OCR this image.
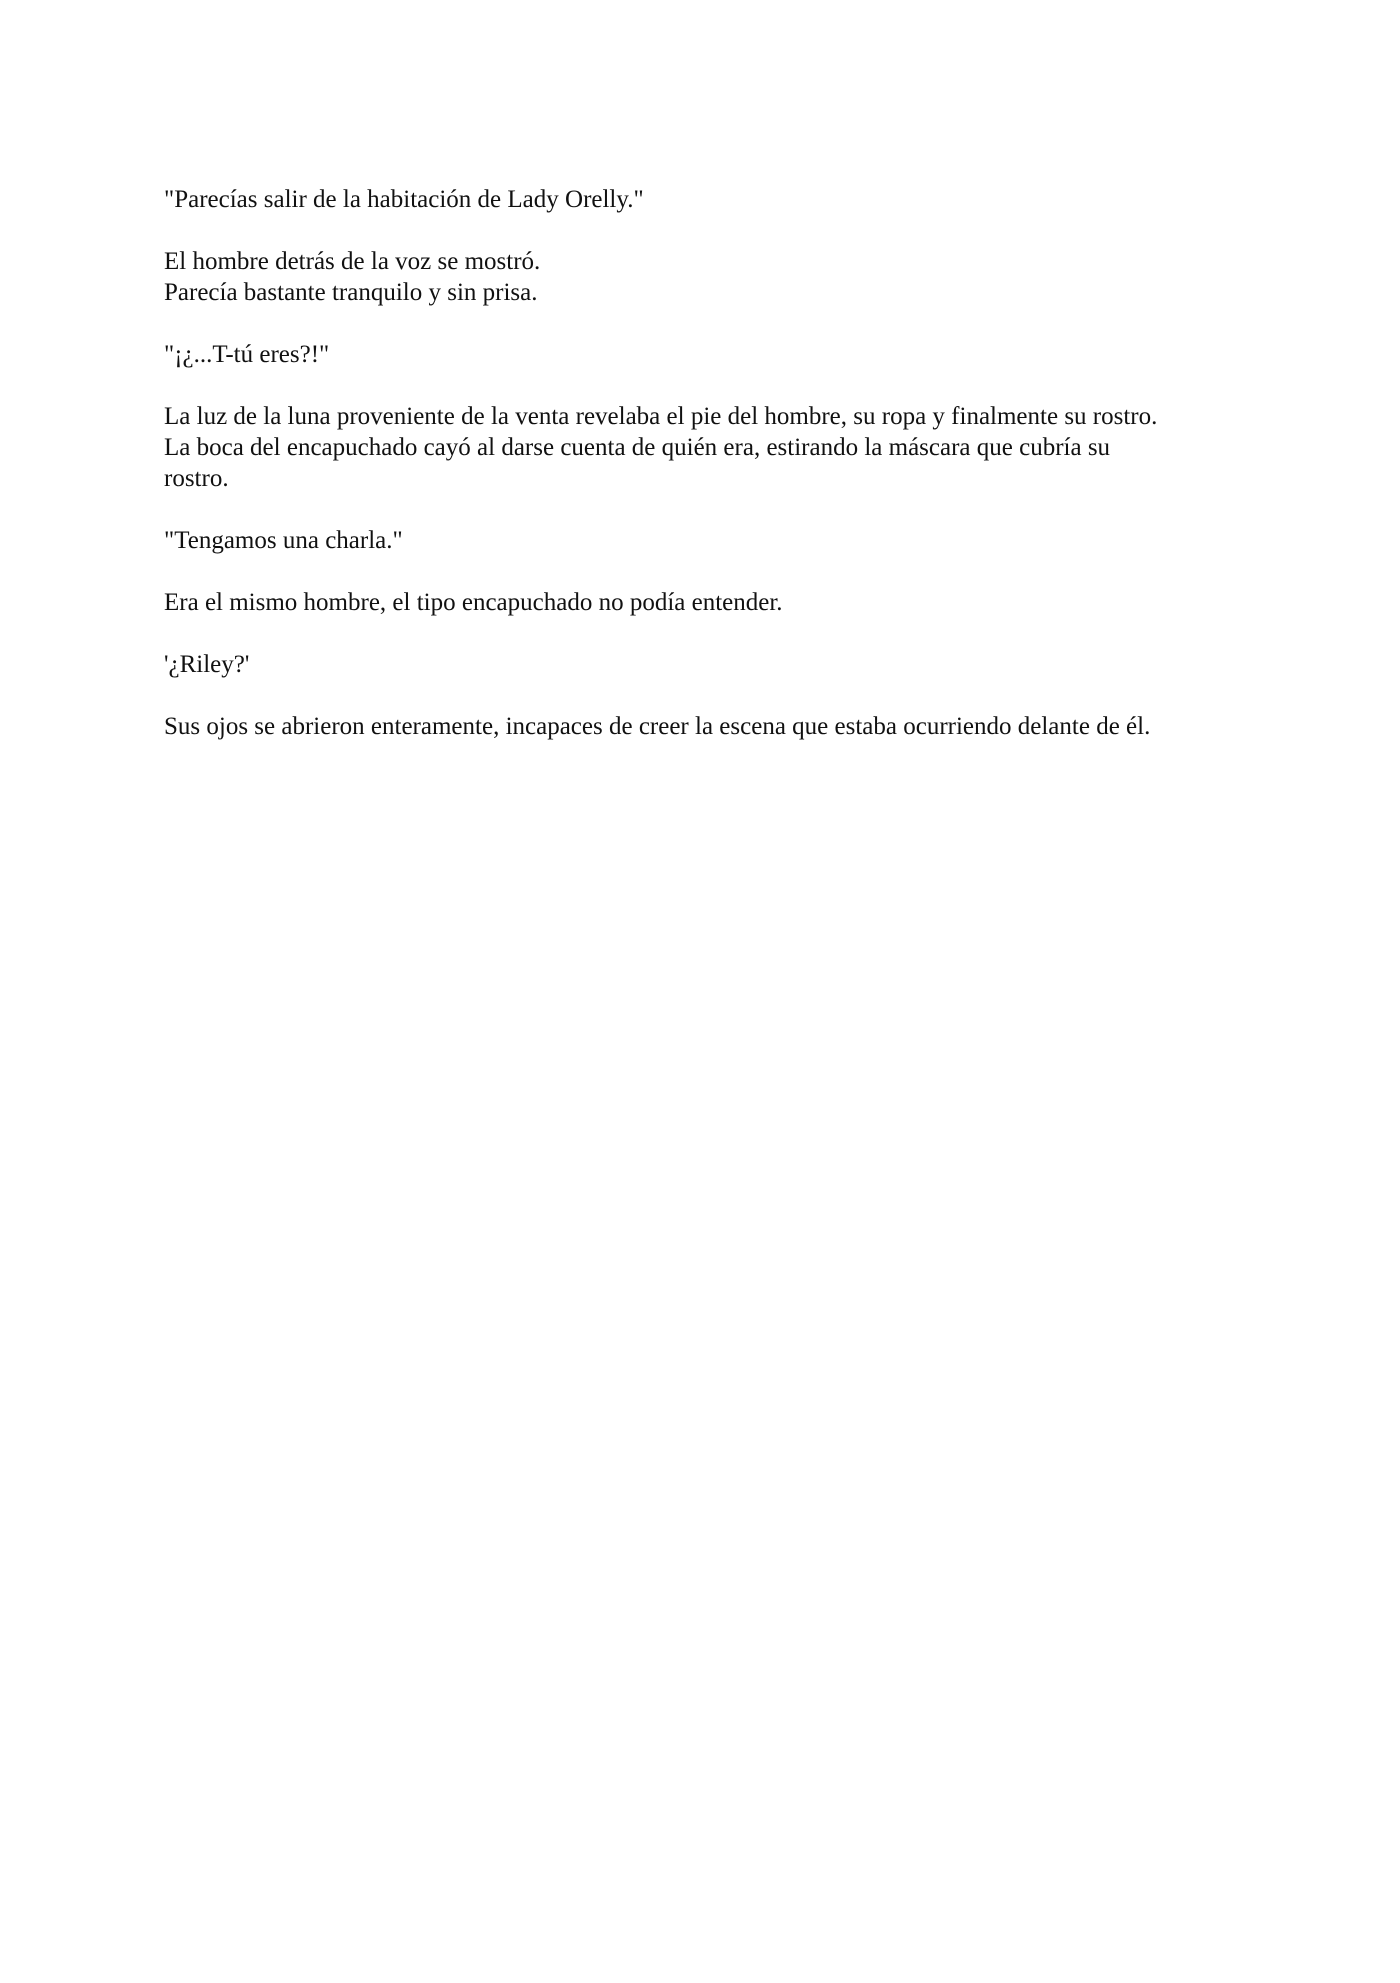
"Parecías salir de la habitación de Lady Orelly."

El hombre detrás de la voz se mostró.
Parecía bastante tranquilo y sin prisa.

"¡¿...T-tú eres?!"

La luz de la luna proveniente de la venta revelaba el pie del hombre, su ropa y finalmente su rostro.
La boca del encapuchado cayó al darse cuenta de quién era, estirando la máscara que cubría su
rostro.

"Tengamos una charla."

Era el mismo hombre, el tipo encapuchado no podía entender.

'¿Riley?'

Sus ojos se abrieron enteramente, incapaces de creer la escena que estaba ocurriendo delante de él.
